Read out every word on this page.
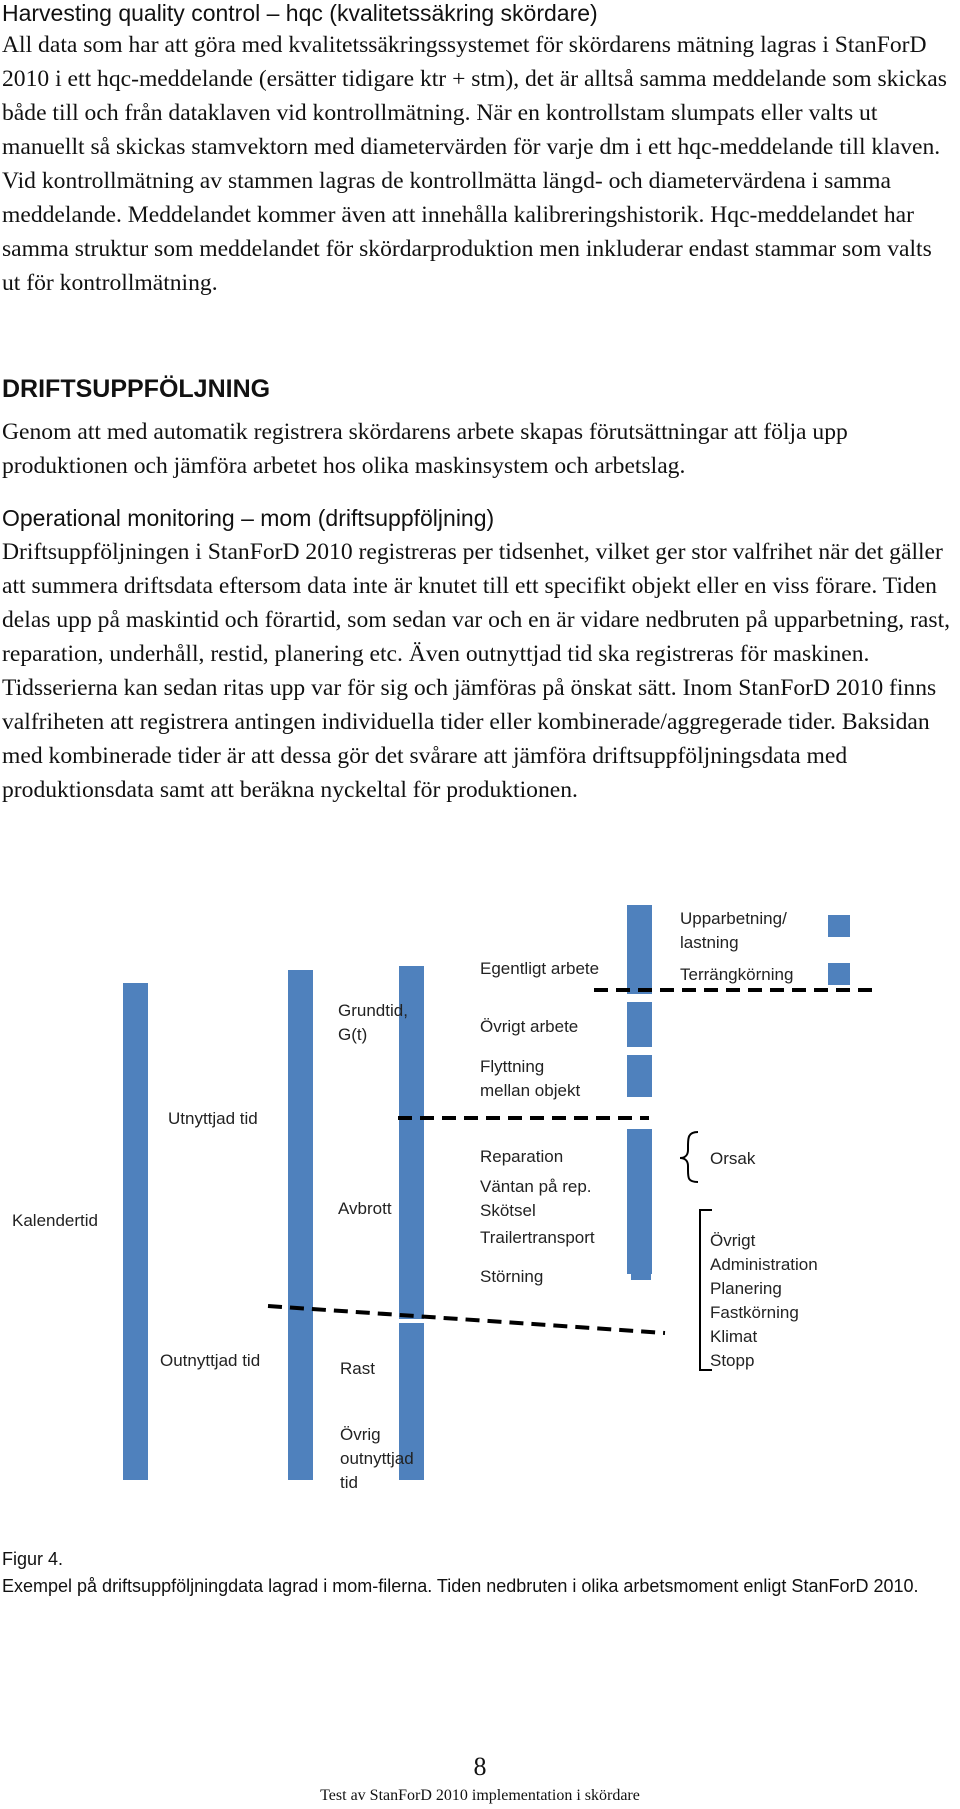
Harvesting quality control – hqc (kvalitetssäkring skördare)

All data som har att göra med kvalitetssäkringssystemet för skördarens mätning lagras i StanForD 2010 i ett hqc-meddelande (ersätter tidigare ktr + stm), det är alltså samma meddelande som skickas både till och från dataklaven vid kontrollmätning. När en kontrollstam slumpats eller valts ut manuellt så skickas stamvektorn med diametervärden för varje dm i ett hqc-meddelande till klaven. Vid kontrollmätning av stammen lagras de kontrollmätta längd- och diametervärdena i samma meddelande. Meddelandet kommer även att innehålla kalibreringshistorik. Hqc-meddelandet har samma struktur som meddelandet för skördarproduktion men inkluderar endast stammar som valts ut för kontrollmätning.

DRIFTSUPPFÖLJNING

Genom att med automatik registrera skördarens arbete skapas förutsättningar att följa upp produktionen och jämföra arbetet hos olika maskinsystem och arbetslag.

Operational monitoring – mom (driftsuppföljning)

Driftsuppföljningen i StanForD 2010 registreras per tidsenhet, vilket ger stor valfrihet när det gäller att summera driftsdata eftersom data inte är knutet till ett specifikt objekt eller en viss förare. Tiden delas upp på maskintid och förartid, som sedan var och en är vidare nedbruten på upparbetning, rast, reparation, underhåll, restid, planering etc. Även outnyttjad tid ska registreras för maskinen. Tidsserierna kan sedan ritas upp var för sig och jämföras på önskat sätt. Inom StanForD 2010 finns valfriheten att registrera antingen individuella tider eller kombinerade/aggregerade tider. Baksidan med kombinerade tider är att dessa gör det svårare att jämföra driftsuppföljningsdata med produktionsdata samt att beräkna nyckeltal för produktionen.

Kalendertid
Utnyttjad tid
Outnyttjad tid
Grundtid,
G(t)
Avbrott
Rast
Övrig
outnyttjad
tid
Egentligt arbete
Övrigt arbete
Flyttning
mellan objekt
Reparation
Väntan på rep.
Skötsel
Trailertransport
Störning
Upparbetning/
lastning
Terrängkörning
Orsak
Övrigt
Administration
Planering
Fastkörning
Klimat
Stopp

Figur 4.

Exempel på driftsuppföljningdata lagrad i mom-filerna. Tiden nedbruten i olika arbetsmoment enligt StanForD 2010.

8

Test av StanForD 2010 implementation i skördare
